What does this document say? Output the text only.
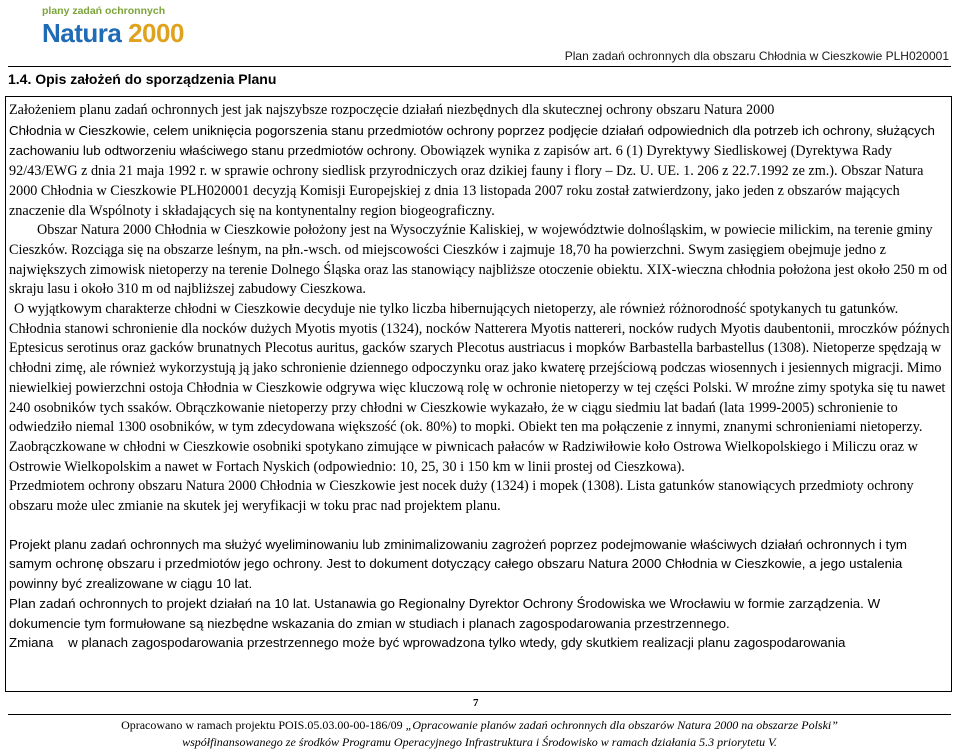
plany zadań ochronnych
Natura 2000
Plan zadań ochronnych dla obszaru Chłodnia w Cieszkowie PLH020001
1.4. Opis założeń do sporządzenia Planu

Założeniem planu zadań ochronnych jest jak najszybsze rozpoczęcie działań niezbędnych dla skutecznej ochrony obszaru Natura 2000
Chłodnia w Cieszkowie, celem uniknięcia pogorszenia stanu przedmiotów ochrony poprzez podjęcie działań odpowiednich dla potrzeb ich ochrony, służących zachowaniu lub odtworzeniu właściwego stanu przedmiotów ochrony. Obowiązek wynika z zapisów art. 6 (1) Dyrektywy Siedliskowej (Dyrektywa Rady 92/43/EWG z dnia 21 maja 1992 r. w sprawie ochrony siedlisk przyrodniczych oraz dzikiej fauny i flory – Dz. U. UE. 1. 206 z 22.7.1992 ze zm.). Obszar Natura 2000 Chłodnia w Cieszkowie PLH020001 decyzją Komisji Europejskiej z dnia 13 listopada 2007 roku został zatwierdzony, jako jeden z obszarów mających znaczenie dla Wspólnoty i składających się na kontynentalny region biogeograficzny.

Obszar Natura 2000 Chłodnia w Cieszkowie położony jest na Wysoczyźnie Kaliskiej, w województwie dolnośląskim, w powiecie milickim, na terenie gminy Cieszków. Rozciąga się na obszarze leśnym, na płn.-wsch. od miejscowości Cieszków i zajmuje 18,70 ha powierzchni. Swym zasięgiem obejmuje jedno z największych zimowisk nietoperzy na terenie Dolnego Śląska oraz las stanowiący najbliższe otoczenie obiektu. XIX-wieczna chłodnia położona jest około 250 m od skraju lasu i około 310 m od najbliższej zabudowy Cieszkowa.

O wyjątkowym charakterze chłodni w Cieszkowie decyduje nie tylko liczba hibernujących nietoperzy, ale również różnorodność spotykanych tu gatunków. Chłodnia stanowi schronienie dla nocków dużych Myotis myotis (1324), nocków Natterera Myotis nattereri, nocków rudych Myotis daubentonii, mroczków późnych Eptesicus serotinus oraz gacków brunatnych Plecotus auritus, gacków szarych Plecotus austriacus i mopków Barbastella barbastellus (1308). Nietoperze spędzają w chłodni zimę, ale również wykorzystują ją jako schronienie dziennego odpoczynku oraz jako kwaterę przejściową podczas wiosennych i jesiennych migracji. Mimo niewielkiej powierzchni ostoja Chłodnia w Cieszkowie odgrywa więc kluczową rolę w ochronie nietoperzy w tej części Polski. W mroźne zimy spotyka się tu nawet 240 osobników tych ssaków. Obrączkowanie nietoperzy przy chłodni w Cieszkowie wykazało, że w ciągu siedmiu lat badań (lata 1999-2005) schronienie to odwiedziło niemal 1300 osobników, w tym zdecydowana większość (ok. 80%) to mopki. Obiekt ten ma połączenie z innymi, znanymi schronieniami nietoperzy. Zaobrączkowane w chłodni w Cieszkowie osobniki spotykano zimujące w piwnicach pałaców w Radziwiłowie koło Ostrowa Wielkopolskiego i Miliczu oraz w Ostrowie Wielkopolskim a nawet w Fortach Nyskich (odpowiednio: 10, 25, 30 i 150 km w linii prostej od Cieszkowa).

Przedmiotem ochrony obszaru Natura 2000 Chłodnia w Cieszkowie jest nocek duży (1324) i mopek (1308). Lista gatunków stanowiących przedmioty ochrony obszaru może ulec zmianie na skutek jej weryfikacji w toku prac nad projektem planu.

Projekt planu zadań ochronnych ma służyć wyeliminowaniu lub zminimalizowaniu zagrożeń poprzez podejmowanie właściwych działań ochronnych i tym samym ochronę obszaru i przedmiotów jego ochrony. Jest to dokument dotyczący całego obszaru Natura 2000 Chłodnia w Cieszkowie, a jego ustalenia powinny być zrealizowane w ciągu 10 lat.

Plan zadań ochronnych to projekt działań na 10 lat. Ustanawia go Regionalny Dyrektor Ochrony Środowiska we Wrocławiu w formie zarządzenia. W dokumencie tym formułowane są niezbędne wskazania do zmian w studiach i planach zagospodarowania przestrzennego.

Zmiana    w planach zagospodarowania przestrzennego może być wprowadzona tylko wtedy, gdy skutkiem realizacji planu zagospodarowania

7
Opracowano w ramach projektu POIS.05.03.00-00-186/09 „Opracowanie planów zadań ochronnych dla obszarów Natura 2000 na obszarze Polski”
współfinansowanego ze środków Programu Operacyjnego Infrastruktura i Środowisko w ramach działania 5.3 priorytetu V.
